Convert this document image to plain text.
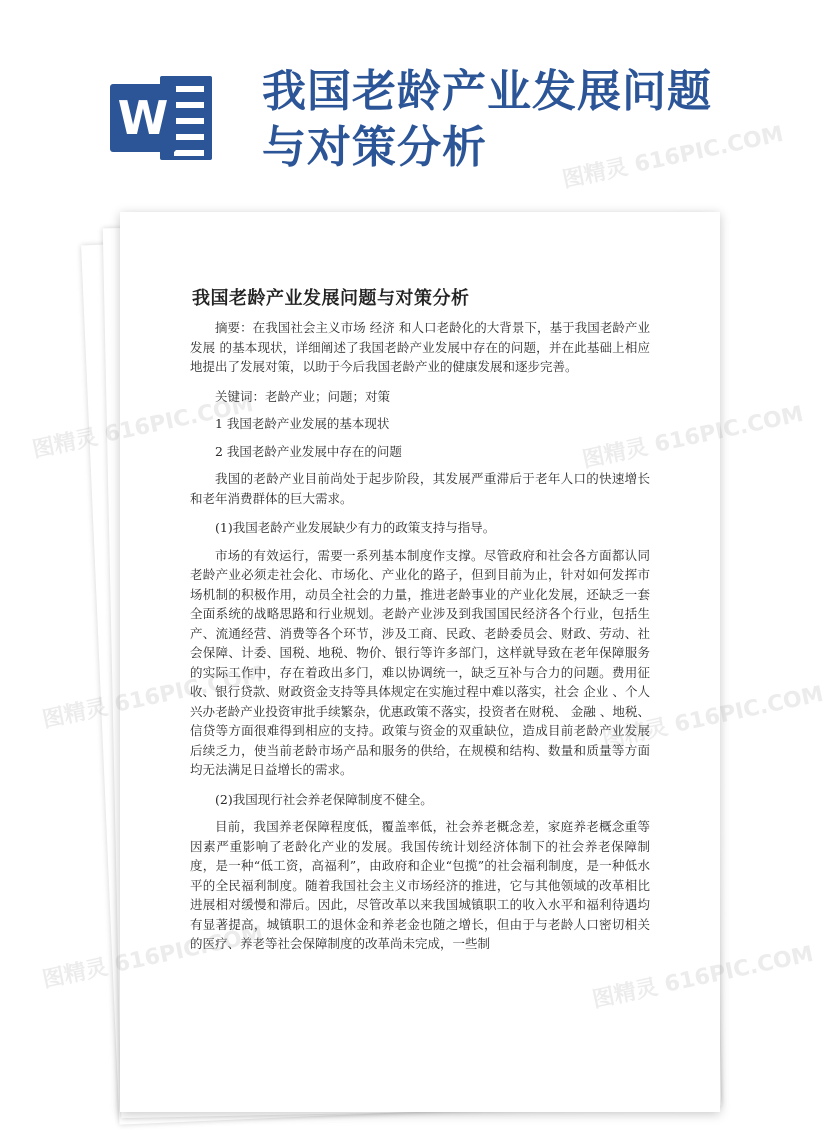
W 我国老龄产业发展问题
与对策分析
我国老龄产业发展问题与对策分析

摘要：在我国社会主义市场 经济 和人口老龄化的大背景下，基于我国老龄产业 发展 的基本现状，详细阐述了我国老龄产业发展中存在的问题，并在此基础上相应地提出了发展对策，以助于今后我国老龄产业的健康发展和逐步完善。

关键词：老龄产业；问题；对策

1 我国老龄产业发展的基本现状

2 我国老龄产业发展中存在的问题

我国的老龄产业目前尚处于起步阶段，其发展严重滞后于老年人口的快速增长和老年消费群体的巨大需求。

(1)我国老龄产业发展缺少有力的政策支持与指导。

市场的有效运行，需要一系列基本制度作支撑。尽管政府和社会各方面都认同老龄产业必须走社会化、市场化、产业化的路子，但到目前为止，针对如何发挥市场机制的积极作用，动员全社会的力量，推进老龄事业的产业化发展，还缺乏一套全面系统的战略思路和行业规划。老龄产业涉及到我国国民经济各个行业，包括生产、流通经营、消费等各个环节，涉及工商、民政、老龄委员会、财政、劳动、社会保障、计委、国税、地税、物价、银行等许多部门，这样就导致在老年保障服务的实际工作中，存在着政出多门，难以协调统一，缺乏互补与合力的问题。费用征收、银行贷款、财政资金支持等具体规定在实施过程中难以落实，社会 企业 、个人兴办老龄产业投资审批手续繁杂，优惠政策不落实，投资者在财税、 金融 、地税、信贷等方面很难得到相应的支持。政策与资金的双重缺位，造成目前老龄产业发展后续乏力，使当前老龄市场产品和服务的供给，在规模和结构、数量和质量等方面均无法满足日益增长的需求。

(2)我国现行社会养老保障制度不健全。

目前，我国养老保障程度低，覆盖率低，社会养老概念差，家庭养老概念重等因素严重影响了老龄化产业的发展。我国传统计划经济体制下的社会养老保障制度，是一种“低工资，高福利”，由政府和企业“包揽”的社会福利制度，是一种低水平的全民福利制度。随着我国社会主义市场经济的推进，它与其他领域的改革相比进展相对缓慢和滞后。因此，尽管改革以来我国城镇职工的收入水平和福利待遇均有显著提高，城镇职工的退休金和养老金也随之增长，但由于与老龄人口密切相关的医疗、养老等社会保障制度的改革尚未完成，一些制

图精灵 616PIC.COM
图精灵	616PIC.COM
图精灵	616PIC.COM
图精灵	616PIC.COM
